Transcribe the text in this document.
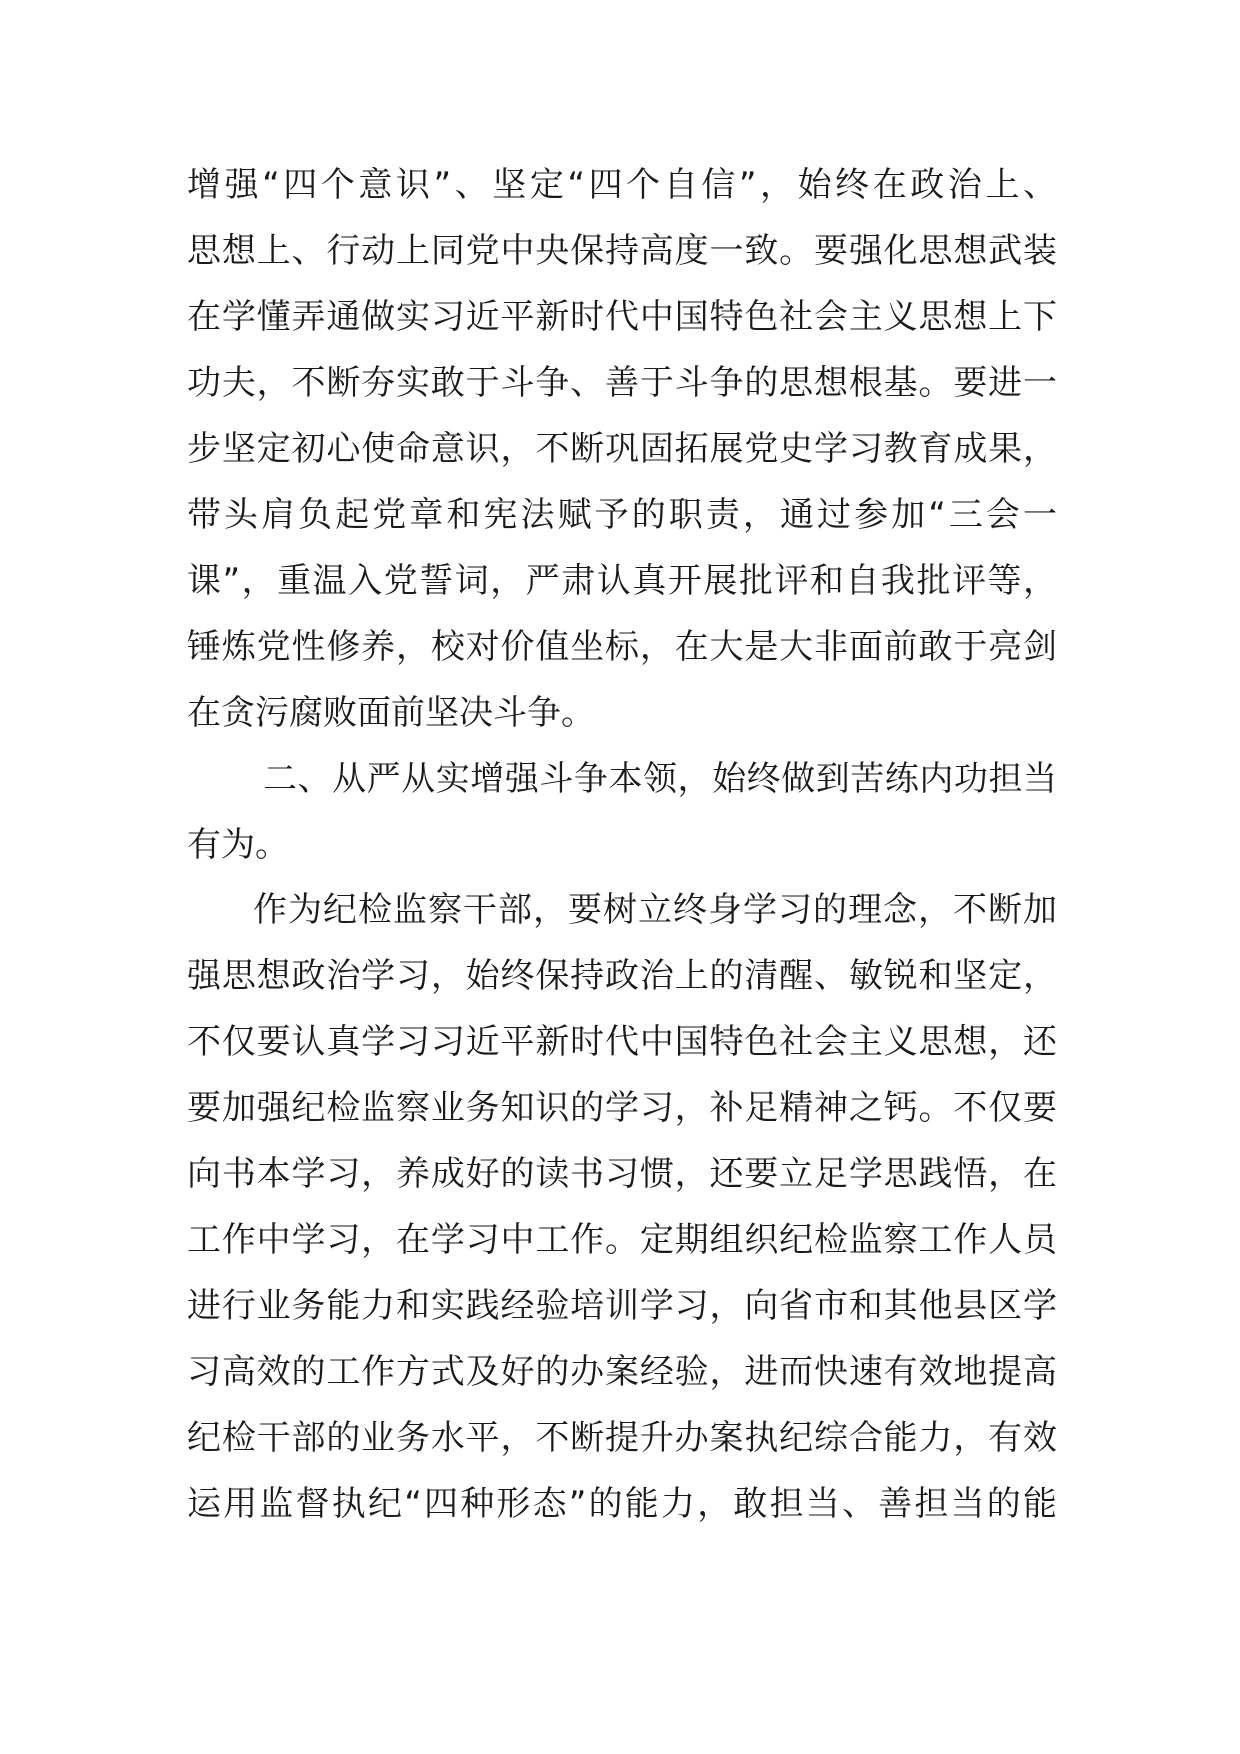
增强“四个意识”、坚定“四个自信”，始终在政治上、
思想上、行动上同党中央保持高度一致。要强化思想武装
在学懂弄通做实习近平新时代中国特色社会主义思想上下
功夫，不断夯实敢于斗争、善于斗争的思想根基。要进一
步坚定初心使命意识，不断巩固拓展党史学习教育成果，
带头肩负起党章和宪法赋予的职责，通过参加“三会一
课”，重温入党誓词，严肃认真开展批评和自我批评等，
锤炼党性修养，校对价值坐标，在大是大非面前敢于亮剑
在贪污腐败面前坚决斗争。
二、从严从实增强斗争本领，始终做到苦练内功担当
有为。
作为纪检监察干部，要树立终身学习的理念，不断加
强思想政治学习，始终保持政治上的清醒、敏锐和坚定，
不仅要认真学习习近平新时代中国特色社会主义思想，还
要加强纪检监察业务知识的学习，补足精神之钙。不仅要
向书本学习，养成好的读书习惯，还要立足学思践悟，在
工作中学习，在学习中工作。定期组织纪检监察工作人员
进行业务能力和实践经验培训学习，向省市和其他县区学
习高效的工作方式及好的办案经验，进而快速有效地提高
纪检干部的业务水平，不断提升办案执纪综合能力，有效
运用监督执纪“四种形态”的能力，敢担当、善担当的能
